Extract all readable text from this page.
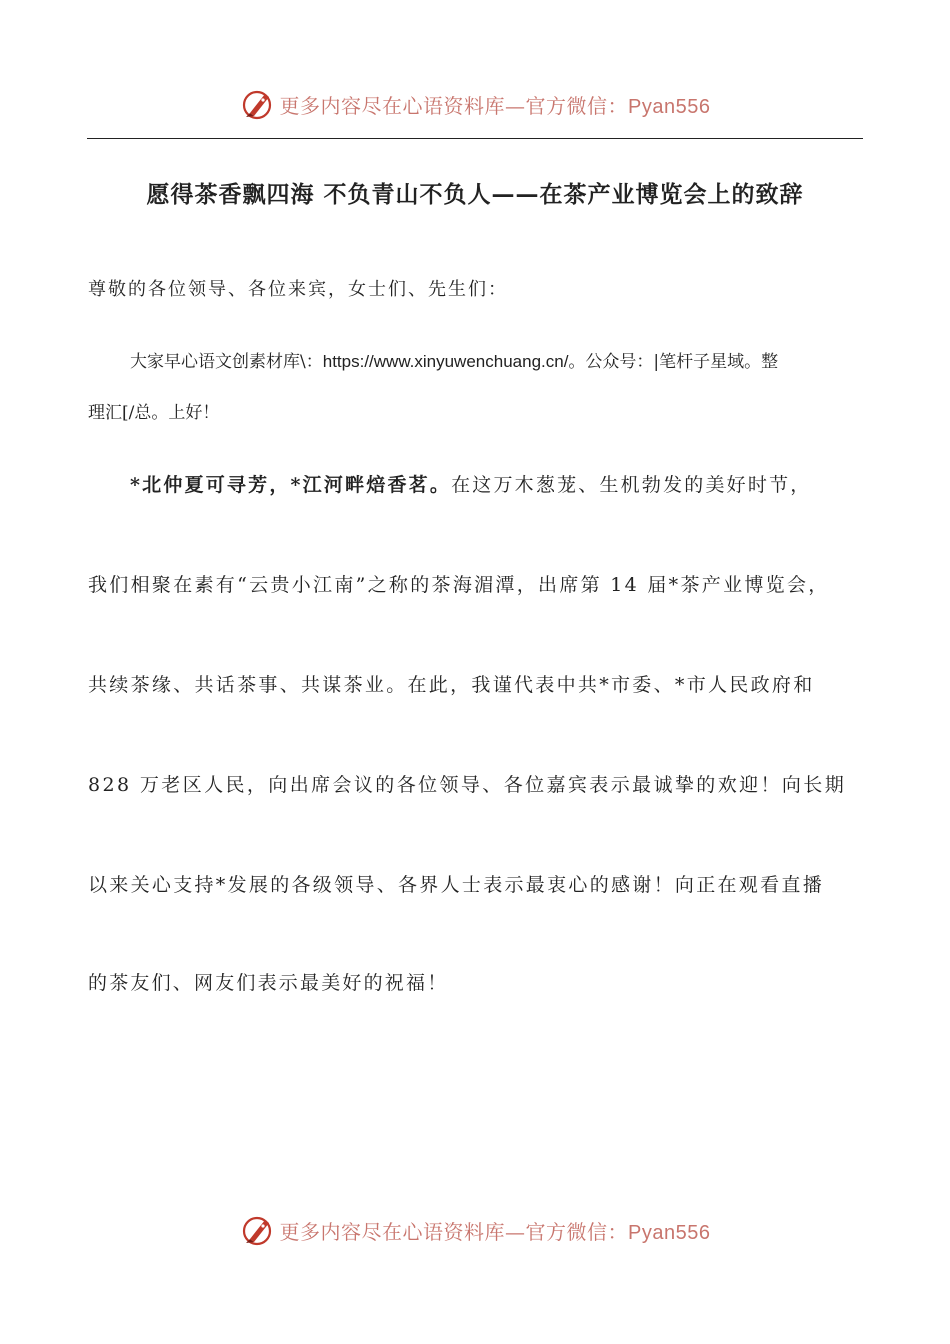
更多内容尽在心语资料库—官方微信：Pyan556
愿得茶香飘四海 不负青山不负人——在茶产业博览会上的致辞
尊敬的各位领导、各位来宾，女士们、先生们：
大家早心语文创素材库\：https://www.xinyuwenchuang.cn/。公众号：|笔杆子星域。整
理汇[/总。上好！
*北仲夏可寻芳，*江河畔焙香茗。在这万木葱茏、生机勃发的美好时节，
我们相聚在素有“云贵小江南”之称的茶海湄潭，出席第 14 届*茶产业博览会，
共续茶缘、共话茶事、共谋茶业。在此，我谨代表中共*市委、*市人民政府和
828 万老区人民，向出席会议的各位领导、各位嘉宾表示最诚挚的欢迎！向长期
以来关心支持*发展的各级领导、各界人士表示最衷心的感谢！向正在观看直播
的茶友们、网友们表示最美好的祝福！
更多内容尽在心语资料库—官方微信：Pyan556
